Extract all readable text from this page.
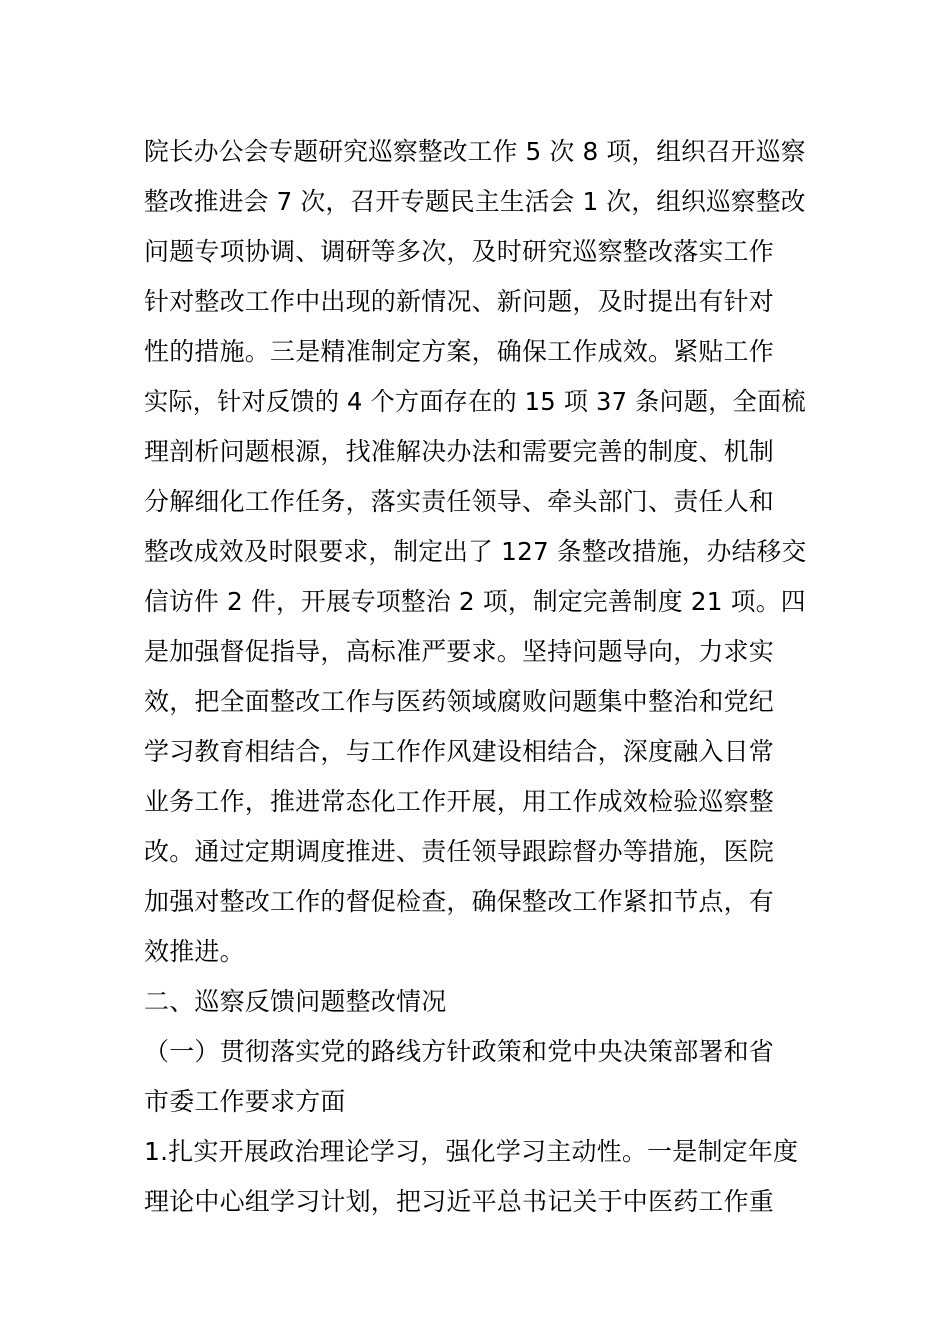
院长办公会专题研究巡察整改工作 5 次 8 项，组织召开巡察
整改推进会 7 次，召开专题民主生活会 1 次，组织巡察整改
问题专项协调、调研等多次，及时研究巡察整改落实工作
针对整改工作中出现的新情况、新问题，及时提出有针对
性的措施。三是精准制定方案，确保工作成效。紧贴工作
实际，针对反馈的 4 个方面存在的 15 项 37 条问题，全面梳
理剖析问题根源，找准解决办法和需要完善的制度、机制
分解细化工作任务，落实责任领导、牵头部门、责任人和
整改成效及时限要求，制定出了 127 条整改措施，办结移交
信访件 2 件，开展专项整治 2 项，制定完善制度 21 项。四
是加强督促指导，高标准严要求。坚持问题导向，力求实
效，把全面整改工作与医药领域腐败问题集中整治和党纪
学习教育相结合，与工作作风建设相结合，深度融入日常
业务工作，推进常态化工作开展，用工作成效检验巡察整
改。通过定期调度推进、责任领导跟踪督办等措施，医院
加强对整改工作的督促检查，确保整改工作紧扣节点，有
效推进。
二、巡察反馈问题整改情况
（一）贯彻落实党的路线方针政策和党中央决策部署和省
市委工作要求方面
1.扎实开展政治理论学习，强化学习主动性。一是制定年度
理论中心组学习计划，把习近平总书记关于中医药工作重
